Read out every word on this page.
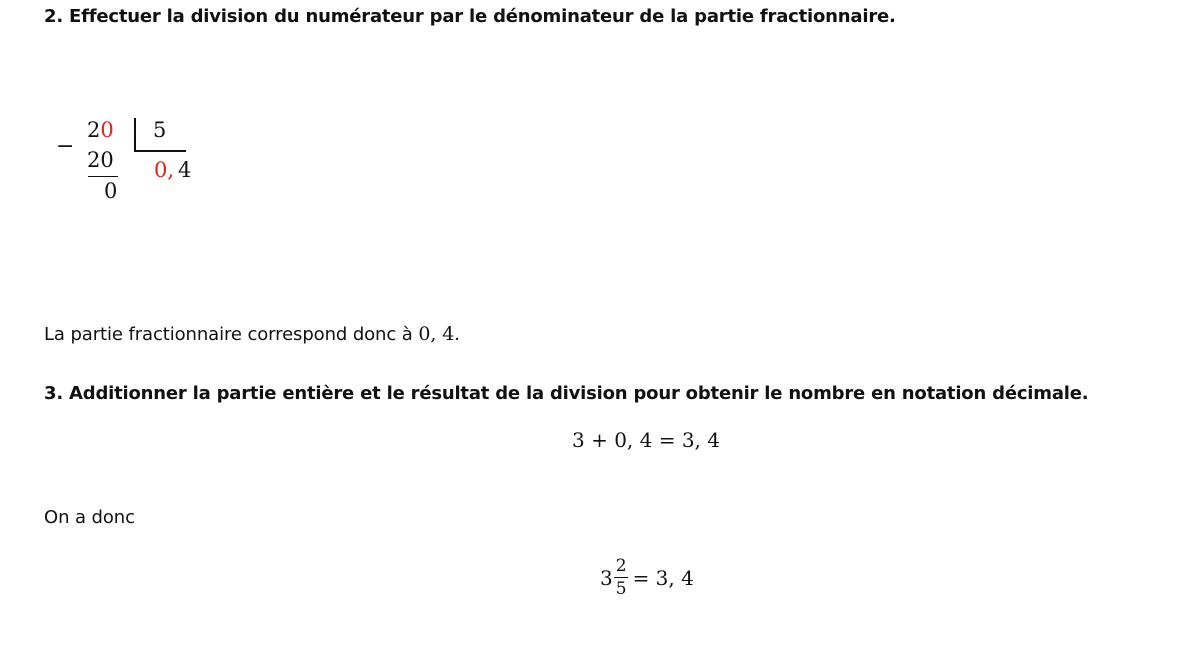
2. Effectuer la division du numérateur par le dénominateur de la partie fractionnaire.
−
20
20
0
5
0, 4

La partie fractionnaire correspond donc à 0, 4.

3. Additionner la partie entière et le résultat de la division pour obtenir le nombre en notation décimale.
3 + 0, 4 = 3, 4

On a donc

$3 \frac{2}{5} = 3$, 4
